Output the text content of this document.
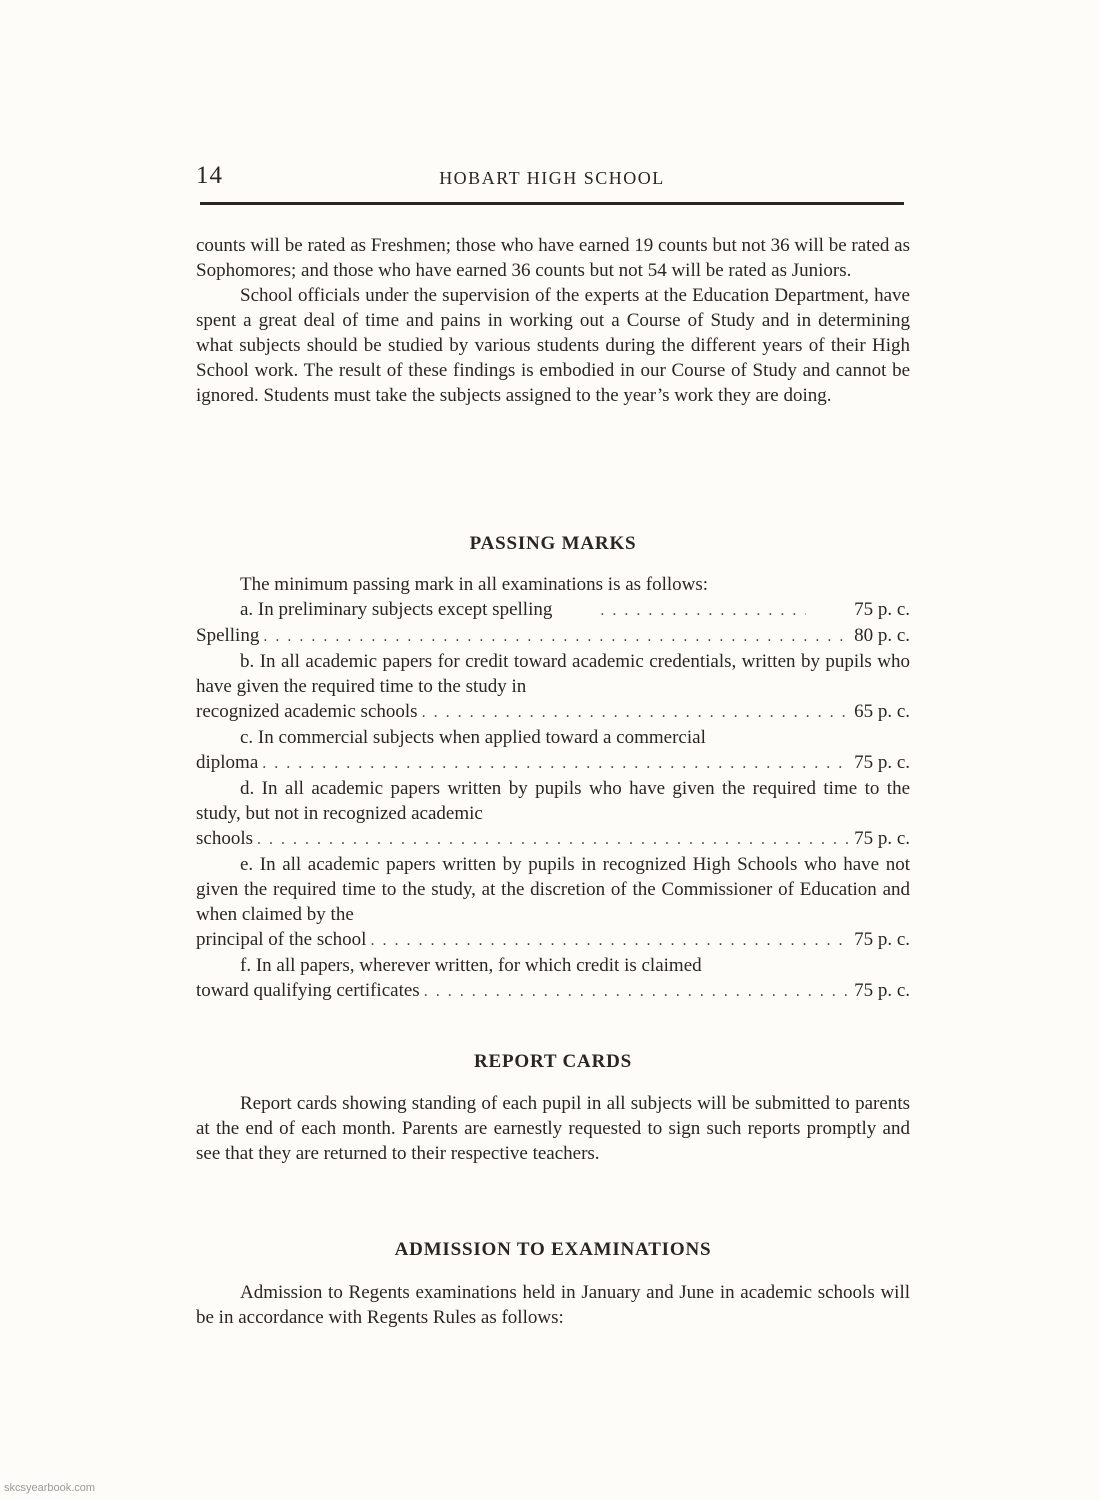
14	HOBART HIGH SCHOOL

counts will be rated as Freshmen; those who have earned 19 counts but not 36 will be rated as Sophomores; and those who have earned 36 counts but not 54 will be rated as Juniors.

School officials under the supervision of the experts at the Education Department, have spent a great deal of time and pains in working out a Course of Study and in determining what subjects should be studied by various students during the different years of their High School work. The result of these findings is embodied in our Course of Study and cannot be ignored. Students must take the subjects assigned to the year’s work they are doing.

PASSING MARKS

The minimum passing mark in all examinations is as follows:

a. In preliminary subjects except spelling . . .	75 p. c.
Spelling . . .	80 p. c.

b. In all academic papers for credit toward academic credentials, written by pupils who have given the required time to the study in

recognized academic schools . . .	65 p. c.

c. In commercial subjects when applied toward a commercial

diploma . . .	75 p. c.

d. In all academic papers written by pupils who have given the required time to the study, but not in recognized academic

schools . . .	75 p. c.

e. In all academic papers written by pupils in recognized High Schools who have not given the required time to the study, at the discretion of the Commissioner of Education and when claimed by the

principal of the school . . .	75 p. c.

f. In all papers, wherever written, for which credit is claimed

toward qualifying certificates . . .	75 p. c.
REPORT CARDS

Report cards showing standing of each pupil in all subjects will be submitted to parents at the end of each month. Parents are earnestly requested to sign such reports promptly and see that they are returned to their respective teachers.

ADMISSION TO EXAMINATIONS

Admission to Regents examinations held in January and June in academic schools will be in accordance with Regents Rules as follows:

skcsyearbook.com
